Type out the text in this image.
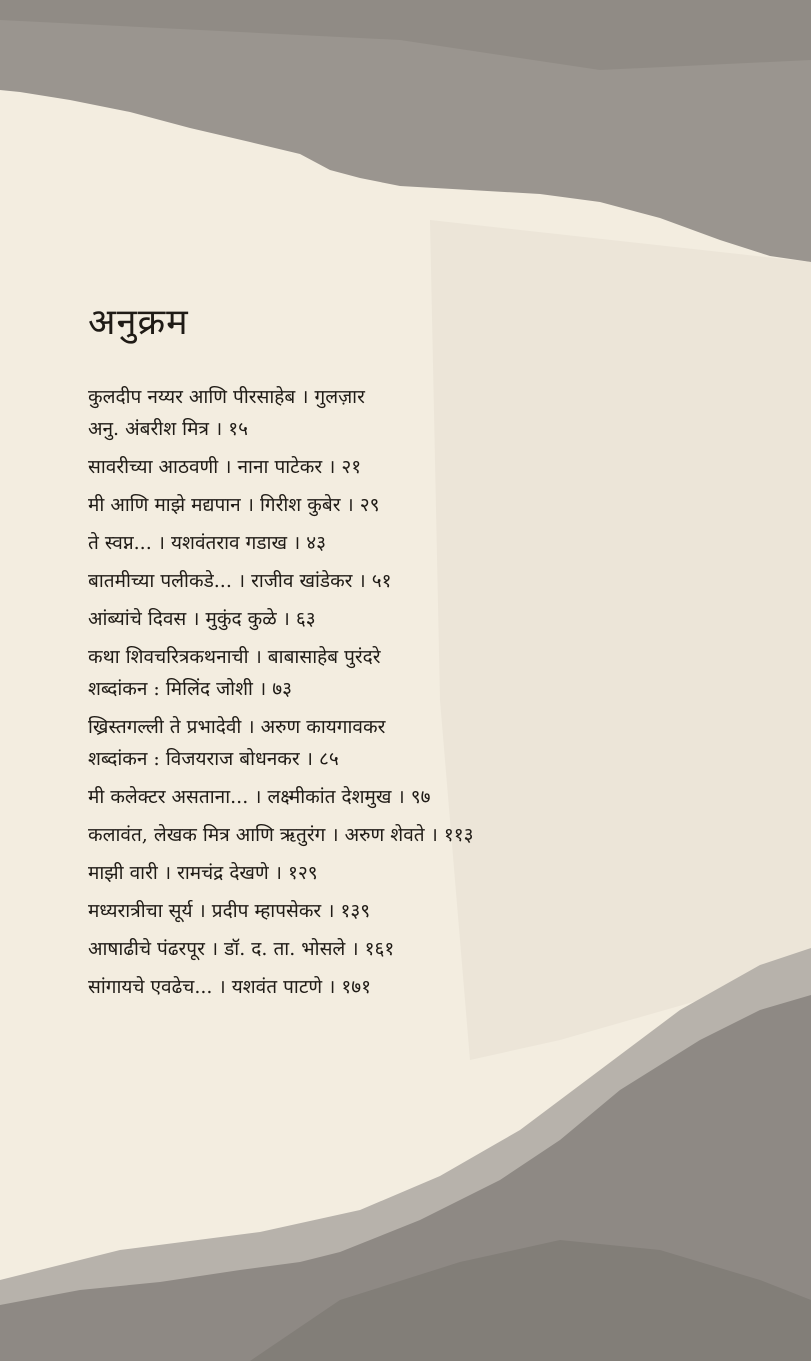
अनुक्रम
कुलदीप नय्यर आणि पीरसाहेब । गुलज़ार
अनु. अंबरीश मित्र । १५
सावरीच्या आठवणी । नाना पाटेकर । २१
मी आणि माझे मद्यपान । गिरीश कुबेर । २९
ते स्वप्न... । यशवंतराव गडाख । ४३
बातमीच्या पलीकडे... । राजीव खांडेकर । ५१
आंब्यांचे दिवस । मुकुंद कुळे । ६३
कथा शिवचरित्रकथनाची । बाबासाहेब पुरंदरे
शब्दांकन : मिलिंद जोशी । ७३
ख्रिस्तगल्ली ते प्रभादेवी । अरुण कायगावकर
शब्दांकन : विजयराज बोधनकर । ८५
मी कलेक्टर असताना... । लक्ष्मीकांत देशमुख । ९७
कलावंत, लेखक मित्र आणि ऋतुरंग । अरुण शेवते । ११३
माझी वारी । रामचंद्र देखणे । १२९
मध्यरात्रीचा सूर्य । प्रदीप म्हापसेकर । १३९
आषाढीचे पंढरपूर । डॉ. द. ता. भोसले । १६१
सांगायचे एवढेच... । यशवंत पाटणे । १७१
